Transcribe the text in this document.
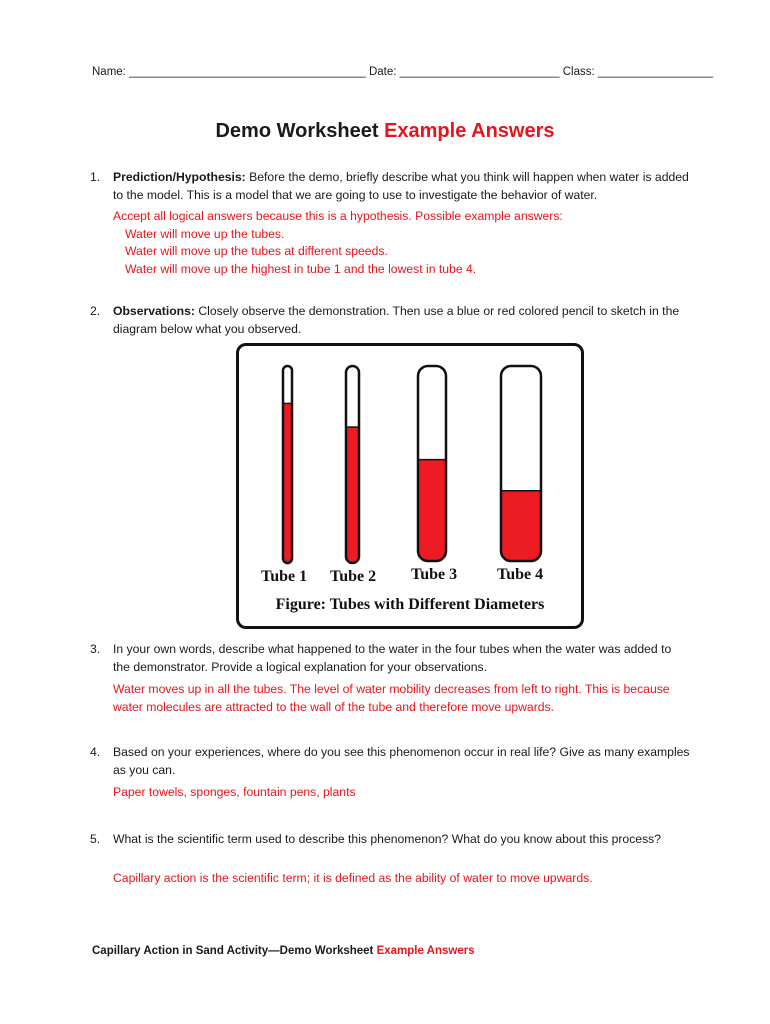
Name: _____________________________________ Date: _________________________ Class: __________________
Demo Worksheet Example Answers
1. Prediction/Hypothesis: Before the demo, briefly describe what you think will happen when water is added to the model. This is a model that we are going to use to investigate the behavior of water.
Accept all logical answers because this is a hypothesis. Possible example answers:
Water will move up the tubes.
Water will move up the tubes at different speeds.
Water will move up the highest in tube 1 and the lowest in tube 4.
2. Observations: Closely observe the demonstration. Then use a blue or red colored pencil to sketch in the diagram below what you observed.
Tube 1 Tube 2 Tube 3 Tube 4
Figure: Tubes with Different Diameters
3. In your own words, describe what happened to the water in the four tubes when the water was added to the demonstrator. Provide a logical explanation for your observations.
Water moves up in all the tubes. The level of water mobility decreases from left to right. This is because water molecules are attracted to the wall of the tube and therefore move upwards.
4. Based on your experiences, where do you see this phenomenon occur in real life? Give as many examples as you can.
Paper towels, sponges, fountain pens, plants
5. What is the scientific term used to describe this phenomenon? What do you know about this process?
Capillary action is the scientific term; it is defined as the ability of water to move upwards.
Capillary Action in Sand Activity—Demo Worksheet Example Answers
